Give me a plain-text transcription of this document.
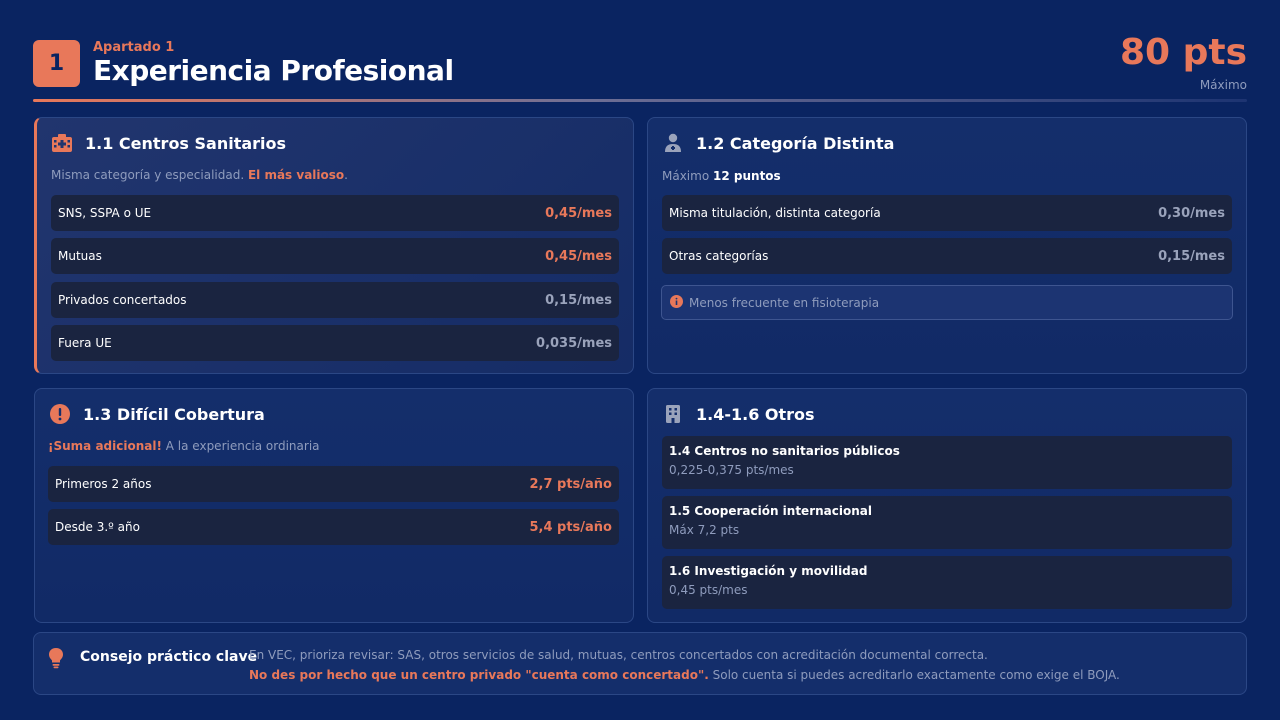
1
Apartado 1
Experiencia Profesional	80 pts
Máximo
1.1 Centros Sanitarios
Misma categoría y especialidad. El más valioso.
SNS, SSPA o UE	0,45/mes
Mutuas	0,45/mes
Privados concertados	0,15/mes
Fuera UE	0,035/mes
1.2 Categoría Distinta
Máximo 12 puntos
Misma titulación, distinta categoría	0,30/mes
Otras categorías	0,15/mes
Menos frecuente en fisioterapia
1.3 Difícil Cobertura
¡Suma adicional! A la experiencia ordinaria
Primeros 2 años	2,7 pts/año
Desde 3.º año	5,4 pts/año
1.4-1.6 Otros
1.4 Centros no sanitarios públicos
0,225-0,375 pts/mes
1.5 Cooperación internacional
Máx 7,2 pts
1.6 Investigación y movilidad
0,45 pts/mes
Consejo práctico clave
En VEC, prioriza revisar: SAS, otros servicios de salud, mutuas, centros concertados con acreditación documental correcta.
No des por hecho que un centro privado "cuenta como concertado". Solo cuenta si puedes acreditarlo exactamente como exige el BOJA.
